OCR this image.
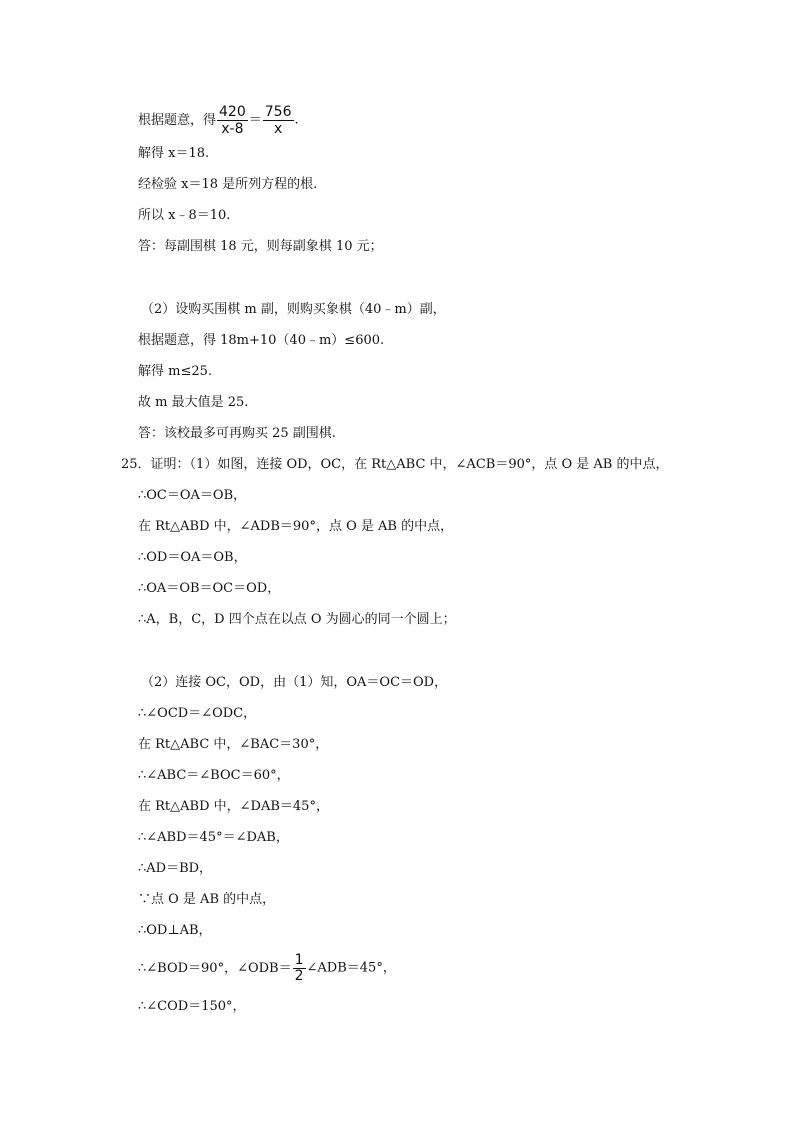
根据题意，得 $\frac{420}{x-8} = \frac{756}{x}$ .
解得 x＝18.
经检验 x＝18 是所列方程的根.
所以 x﹣8＝10.
答：每副围棋 18 元，则每副象棋 10 元；
（2）设购买围棋 m 副，则购买象棋（40﹣m）副，
根据题意，得 18m+10（40﹣m）≤600.
解得 m≤25.
故 m 最大值是 25.
答：该校最多可再购买 25 副围棋.
25．证明：（1）如图，连接 OD，OC，在 Rt△ABC 中，∠ACB＝90°，点 O 是 AB 的中点，
∴OC＝OA＝OB，
在 Rt△ABD 中，∠ADB＝90°，点 O 是 AB 的中点，
∴OD＝OA＝OB，
∴OA＝OB＝OC＝OD，
∴A，B，C，D 四个点在以点 O 为圆心的同一个圆上；
（2）连接 OC，OD，由（1）知，OA＝OC＝OD，
∴∠OCD＝∠ODC，
在 Rt△ABC 中，∠BAC＝30°，
∴∠ABC＝∠BOC＝60°，
在 Rt△ABD 中，∠DAB＝45°，
∴∠ABD＝45°＝∠DAB，
∴AD＝BD，
∵点 O 是 AB 的中点，
∴OD⊥AB，
∴∠BOD＝90°，∠ODB＝ $\frac{1}{2}$ ∠ADB＝45°，
∴∠COD＝150°，
